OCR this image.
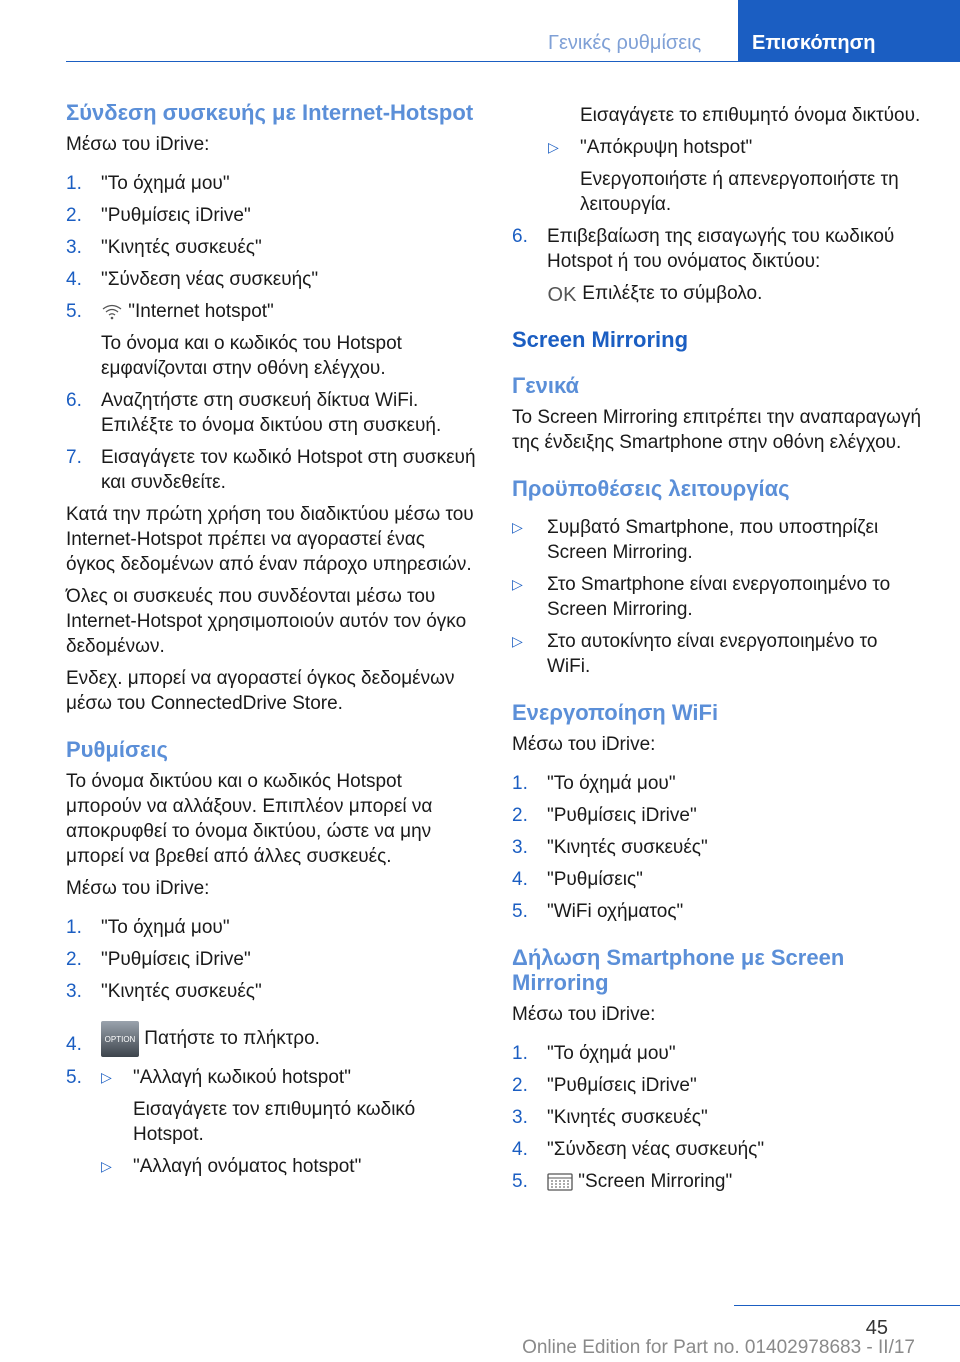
Γενικές ρυθμίσεις	Επισκόπηση
Σύνδεση συσκευής με Internet-Hotspot

Μέσω του iDrive:

1. "Το όχημά μου"
2. "Ρυθμίσεις iDrive"
3. "Κινητές συσκευές"
4. "Σύνδεση νέας συσκευής"
5. "Internet hotspot"

Το όνομα και ο κωδικός του Hotspot εμφανίζονται στην οθόνη ελέγχου.

6. Αναζητήστε στη συσκευή δίκτυα WiFi. Επιλέξτε το όνομα δικτύου στη συσκευή.
7. Εισαγάγετε τον κωδικό Hotspot στη συσκευή και συνδεθείτε.

Κατά την πρώτη χρήση του διαδικτύου μέσω του Internet-Hotspot πρέπει να αγοραστεί ένας όγκος δεδομένων από έναν πάροχο υπηρεσιών.

Όλες οι συσκευές που συνδέονται μέσω του Internet-Hotspot χρησιμοποιούν αυτόν τον όγκο δεδομένων.

Ενδεχ. μπορεί να αγοραστεί όγκος δεδομένων μέσω του ConnectedDrive Store.

Ρυθμίσεις

Το όνομα δικτύου και ο κωδικός Hotspot μπορούν να αλλάξουν. Επιπλέον μπορεί να αποκρυφθεί το όνομα δικτύου, ώστε να μην μπορεί να βρεθεί από άλλες συσκευές.

Μέσω του iDrive:

1. "Το όχημά μου"
2. "Ρυθμίσεις iDrive"
3. "Κινητές συσκευές"
4.	OPTION Πατήστε το πλήκτρο.
5. ▷ "Αλλαγή κωδικού hotspot"

Εισαγάγετε τον επιθυμητό κωδικό Hotspot.

▷ "Αλλαγή ονόματος hotspot"

Εισαγάγετε το επιθυμητό όνομα δικτύου.

▷ "Απόκρυψη hotspot"

Ενεργοποιήστε ή απενεργοποιήστε τη λειτουργία.

6. Επιβεβαίωση της εισαγωγής του κωδικού Hotspot ή του ονόματος δικτύου:
OK Επιλέξτε το σύμβολο.
Screen Mirroring
Γενικά

Το Screen Mirroring επιτρέπει την αναπαραγωγή της ένδειξης Smartphone στην οθόνη ελέγχου.

Προϋποθέσεις λειτουργίας
▷ Συμβατό Smartphone, που υποστηρίζει Screen Mirroring.
▷ Στο Smartphone είναι ενεργοποιημένο το Screen Mirroring.
▷ Στο αυτοκίνητο είναι ενεργοποιημένο το WiFi.
Ενεργοποίηση WiFi

Μέσω του iDrive:

1. "Το όχημά μου"
2. "Ρυθμίσεις iDrive"
3. "Κινητές συσκευές"
4. "Ρυθμίσεις"
5. "WiFi οχήματος"
Δήλωση Smartphone με Screen Mirroring

Μέσω του iDrive:

1. "Το όχημά μου"
2. "Ρυθμίσεις iDrive"
3. "Κινητές συσκευές"
4. "Σύνδεση νέας συσκευής"
5.	"Screen Mirroring"
45
Online Edition for Part no. 01402978683 - II/17
